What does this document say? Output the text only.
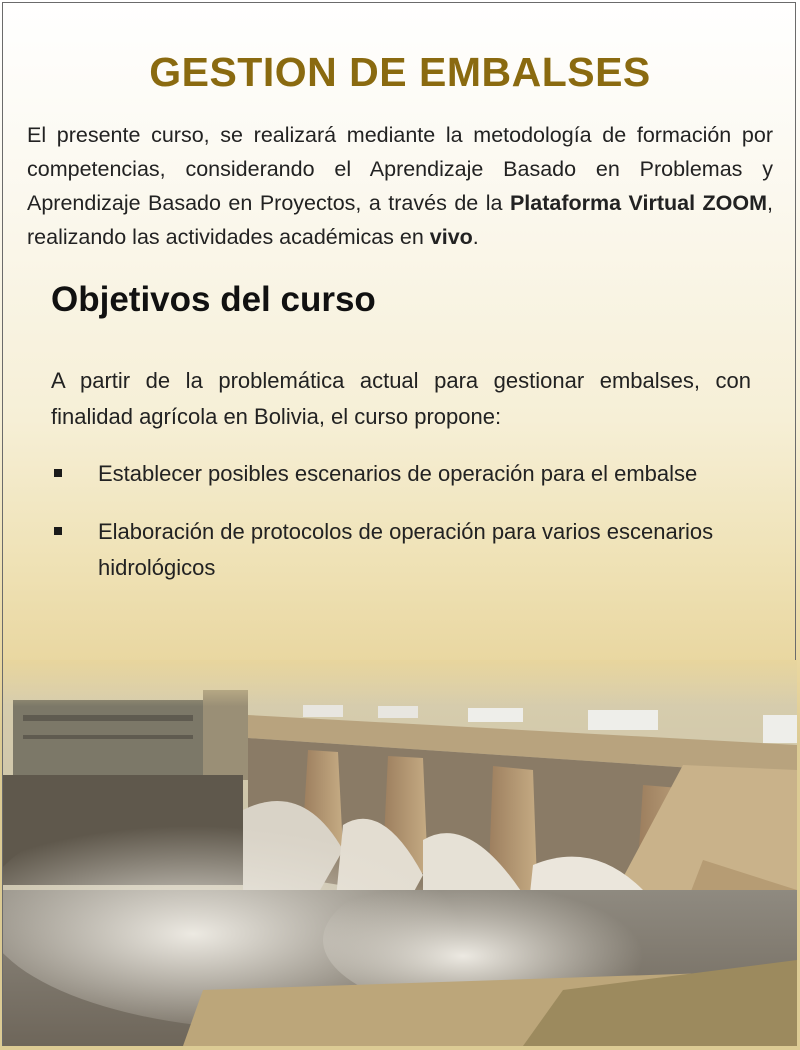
GESTION DE EMBALSES

El presente curso, se realizará mediante la metodología de formación por competencias, considerando el Aprendizaje Basado en Problemas y Aprendizaje Basado en Proyectos, a través de la Plataforma Virtual ZOOM, realizando las actividades académicas en vivo.

Objetivos del curso

A partir de la problemática actual para gestionar embalses, con finalidad agrícola en Bolivia, el curso propone:

Establecer posibles escenarios de operación para el embalse
Elaboración de protocolos de operación para varios escenarios hidrológicos
